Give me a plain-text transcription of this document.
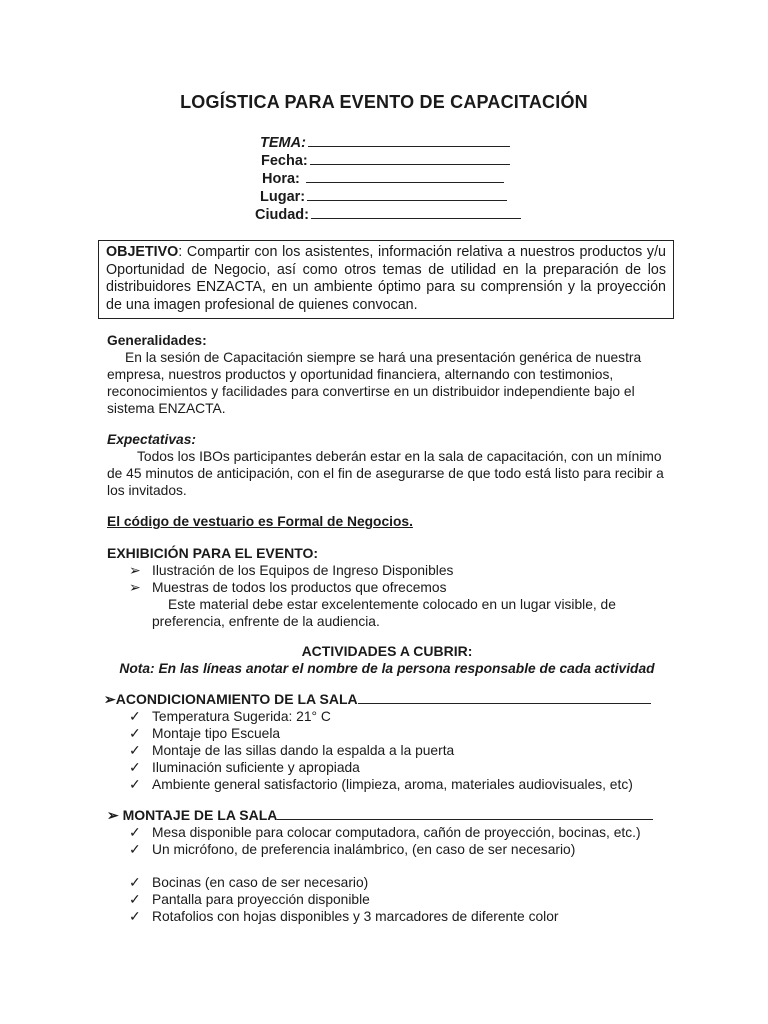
LOGÍSTICA PARA EVENTO DE CAPACITACIÓN
TEMA:
Fecha:
Hora:
Lugar:
Ciudad:
OBJETIVO: Compartir con los asistentes, información relativa a nuestros productos y/u Oportunidad de Negocio, así como otros temas de utilidad en la preparación de los distribuidores ENZACTA, en un ambiente óptimo para su comprensión y la proyección de una imagen profesional de quienes convocan.
Generalidades:
En la sesión de Capacitación siempre se hará una presentación genérica de nuestra empresa, nuestros productos y oportunidad financiera, alternando con testimonios, reconocimientos y facilidades para convertirse en un distribuidor independiente bajo el sistema ENZACTA.
Expectativas:
Todos los IBOs participantes deberán estar en la sala de capacitación, con un mínimo de 45 minutos de anticipación, con el fin de asegurarse de que todo está listo para recibir a los invitados.
El código de vestuario es Formal de Negocios.
EXHIBICIÓN PARA EL EVENTO:
➢ Ilustración de los Equipos de Ingreso Disponibles
➢ Muestras de todos los productos que ofrecemos
Este material debe estar excelentemente colocado en un lugar visible, de preferencia, enfrente de la audiencia.
ACTIVIDADES A CUBRIR:
Nota: En las líneas anotar el nombre de la persona responsable de cada actividad
➢ACONDICIONAMIENTO DE LA SALA
✓ Temperatura Sugerida: 21° C
✓ Montaje tipo Escuela
✓ Montaje de las sillas dando la espalda a la puerta
✓ Iluminación suficiente y apropiada
✓ Ambiente general satisfactorio (limpieza, aroma, materiales audiovisuales, etc)
➢ MONTAJE DE LA SALA
✓ Mesa disponible para colocar computadora, cañón de proyección, bocinas, etc.)
✓ Un micrófono, de preferencia inalámbrico, (en caso de ser necesario)
✓ Bocinas (en caso de ser necesario)
✓ Pantalla para proyección disponible
✓ Rotafolios con hojas disponibles y 3 marcadores de diferente color
